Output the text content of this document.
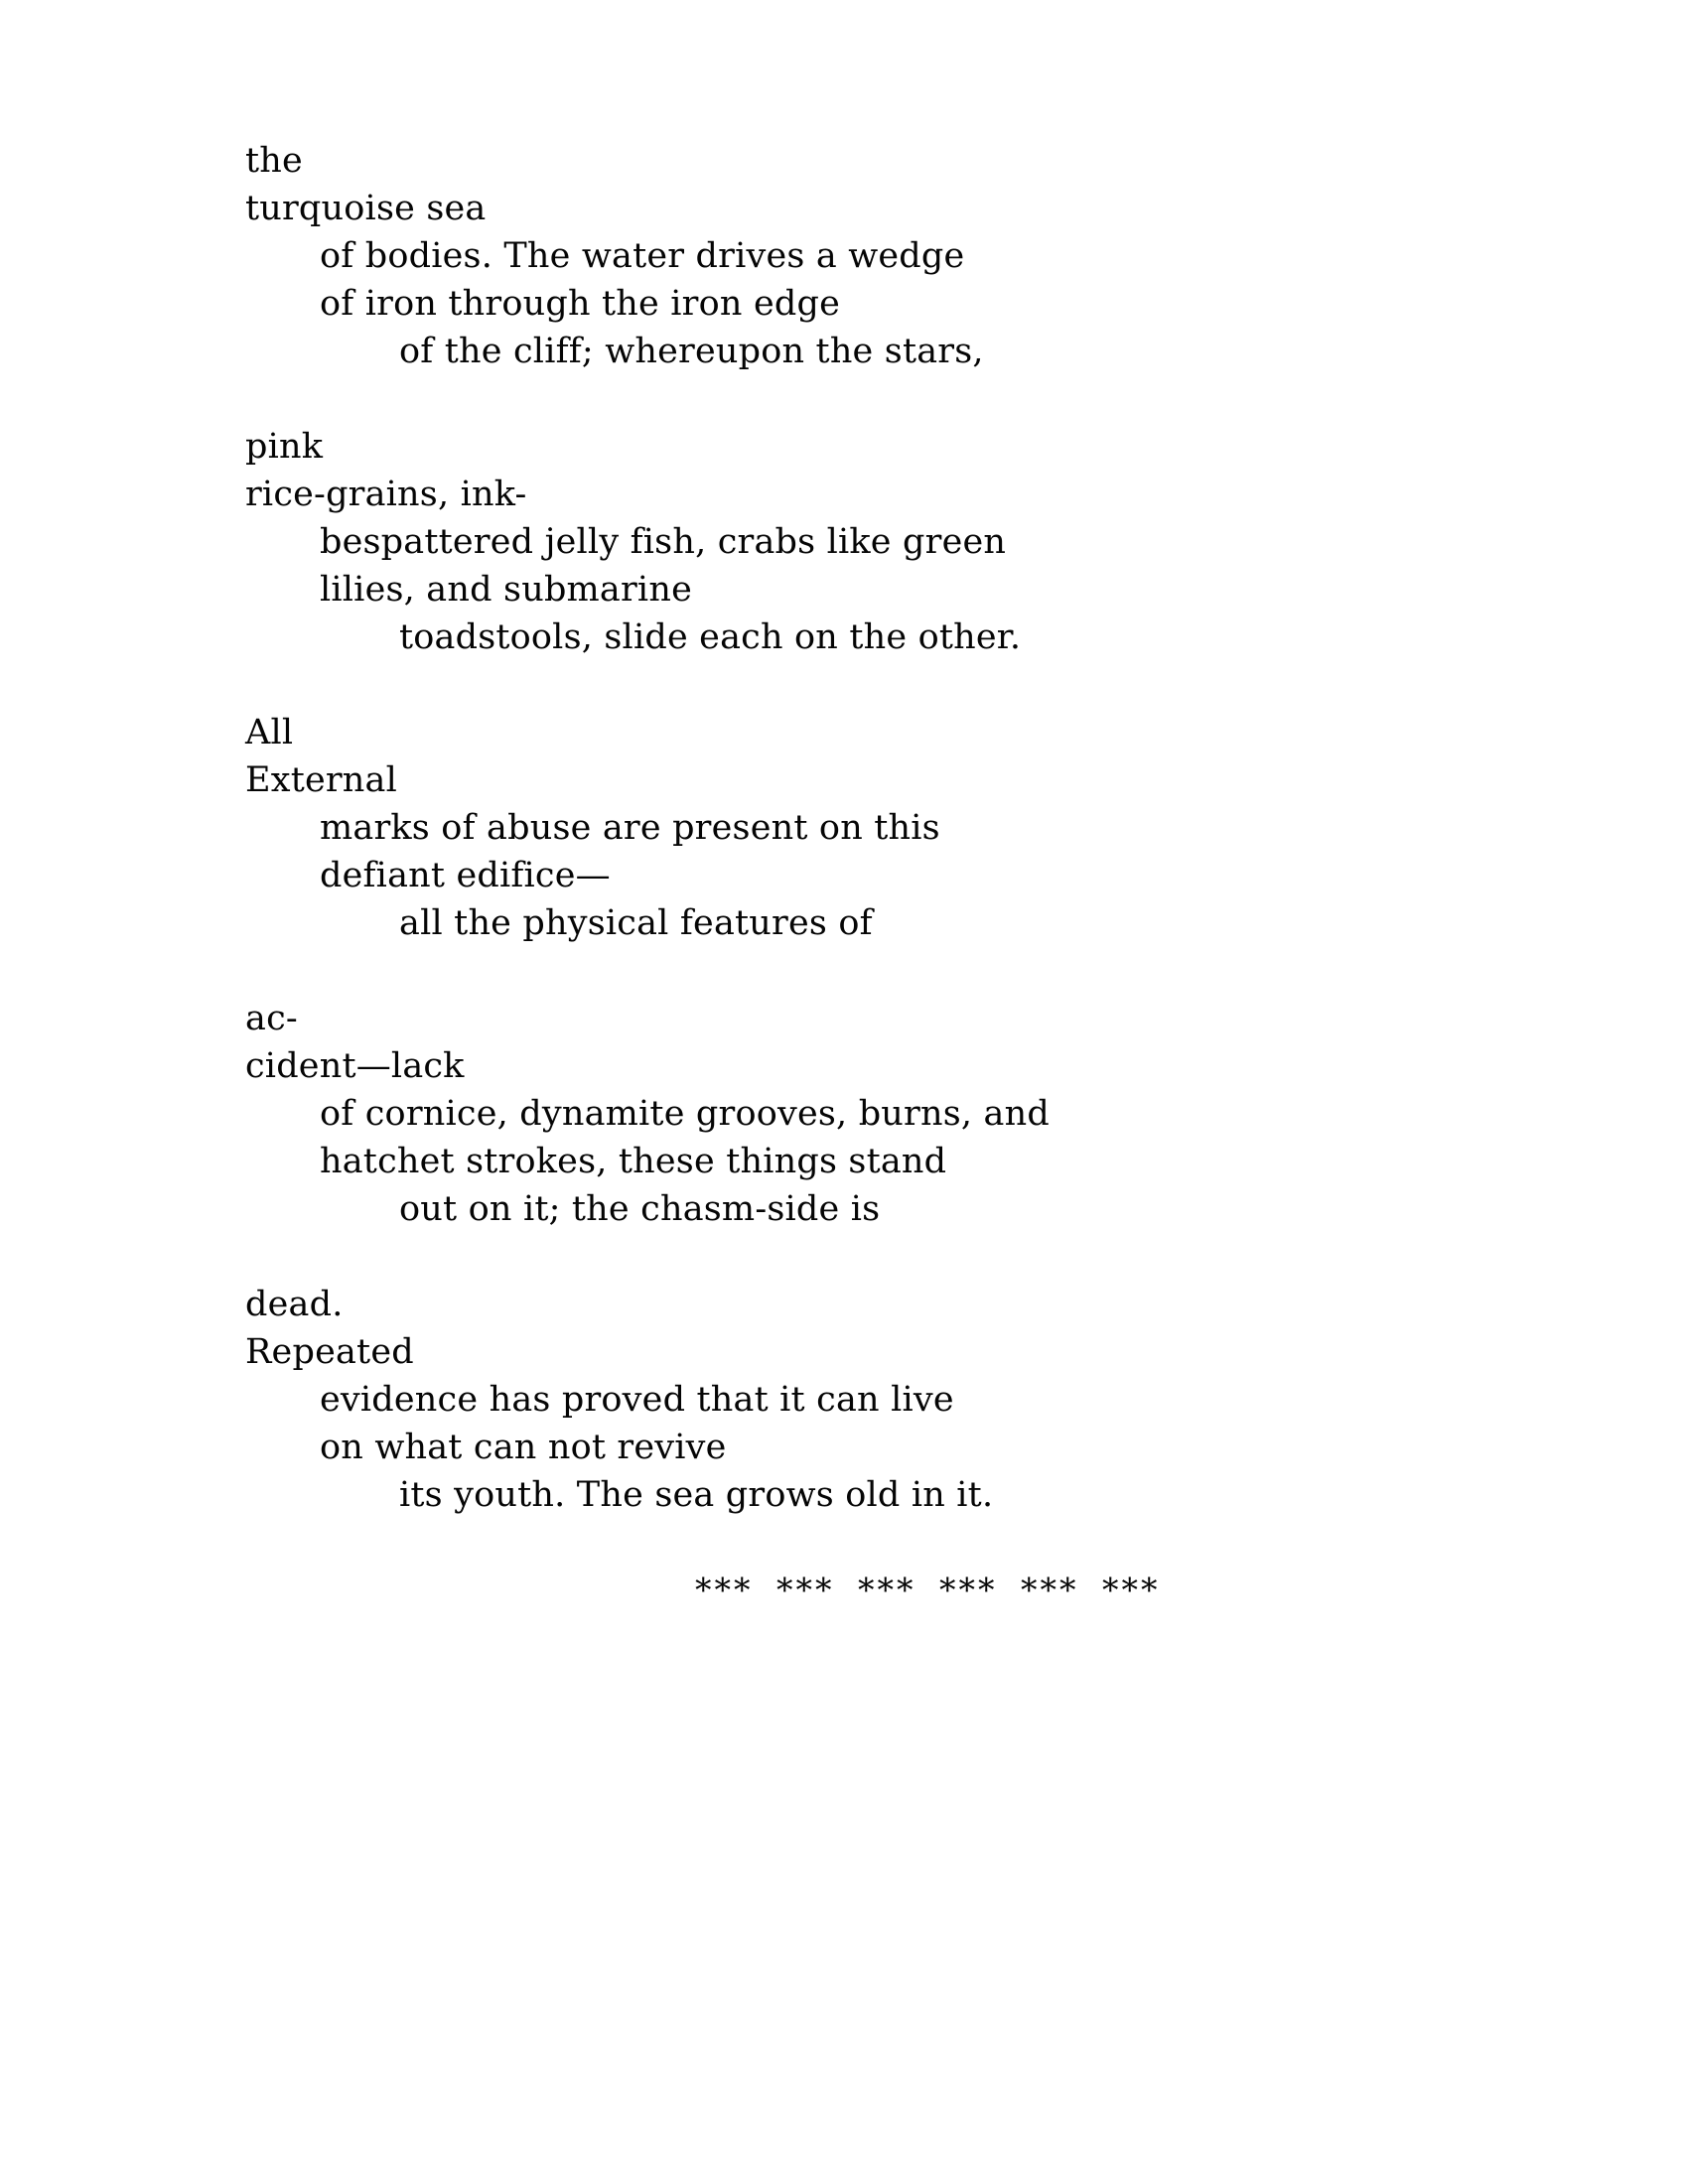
the
turquoise sea
of bodies. The water drives a wedge
of iron through the iron edge
of the cliff; whereupon the stars,
pink
rice-grains, ink-
bespattered jelly fish, crabs like green
lilies, and submarine
toadstools, slide each on the other.
All
External
marks of abuse are present on this
defiant edifice—
all the physical features of
ac-
cident—lack
of cornice, dynamite grooves, burns, and
hatchet strokes, these things stand
out on it; the chasm-side is
dead.
Repeated
evidence has proved that it can live
on what can not revive
its youth. The sea grows old in it.
*** *** *** *** *** ***
